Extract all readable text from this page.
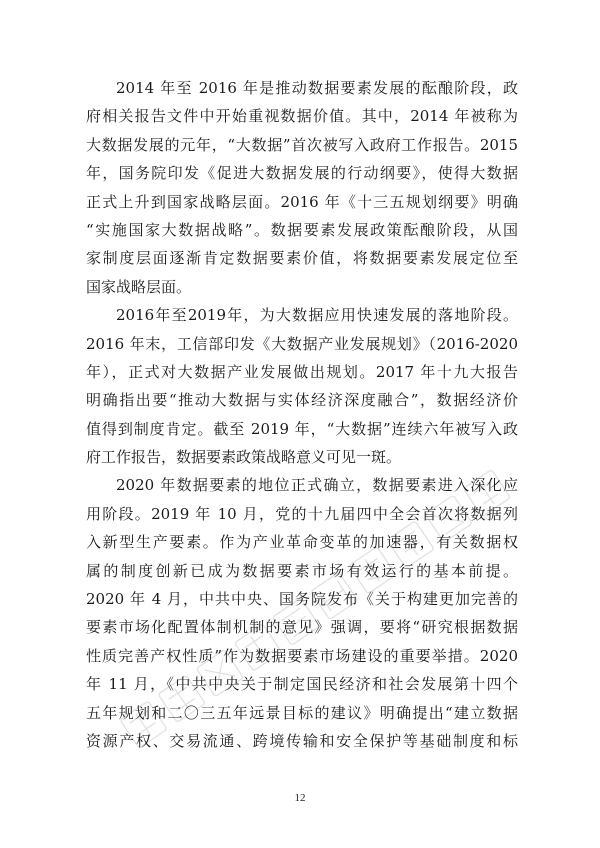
2014 年至 2016 年是推动数据要素发展的酝酿阶段，政
府相关报告文件中开始重视数据价值。其中，2014 年被称为
大数据发展的元年，“大数据”首次被写入政府工作报告。2015
年，国务院印发《促进大数据发展的行动纲要》，使得大数据
正式上升到国家战略层面。2016 年《十三五规划纲要》明确
“实施国家大数据战略”。数据要素发展政策酝酿阶段，从国
家制度层面逐渐肯定数据要素价值，将数据要素发展定位至
国家战略层面。
2016年至2019年，为大数据应用快速发展的落地阶段。
2016 年末，工信部印发《大数据产业发展规划》（2016-2020
年），正式对大数据产业发展做出规划。2017 年十九大报告
明确指出要“推动大数据与实体经济深度融合”，数据经济价
值得到制度肯定。截至 2019 年，“大数据”连续六年被写入政
府工作报告，数据要素政策战略意义可见一斑。
2020 年数据要素的地位正式确立，数据要素进入深化应
用阶段。2019 年 10 月，党的十九届四中全会首次将数据列
入新型生产要素。作为产业革命变革的加速器，有关数据权
属的制度创新已成为数据要素市场有效运行的基本前提。
2020 年 4 月，中共中央、国务院发布《关于构建更加完善的
要素市场化配置体制机制的意见》强调，要将“研究根据数据
性质完善产权性质”作为数据要素市场建设的重要举措。2020
年 11 月，《中共中央关于制定国民经济和社会发展第十四个
五年规划和二〇三五年远景目标的建议》明确提出“建立数据
资源产权、交易流通、跨境传输和安全保护等基础制度和标
12
